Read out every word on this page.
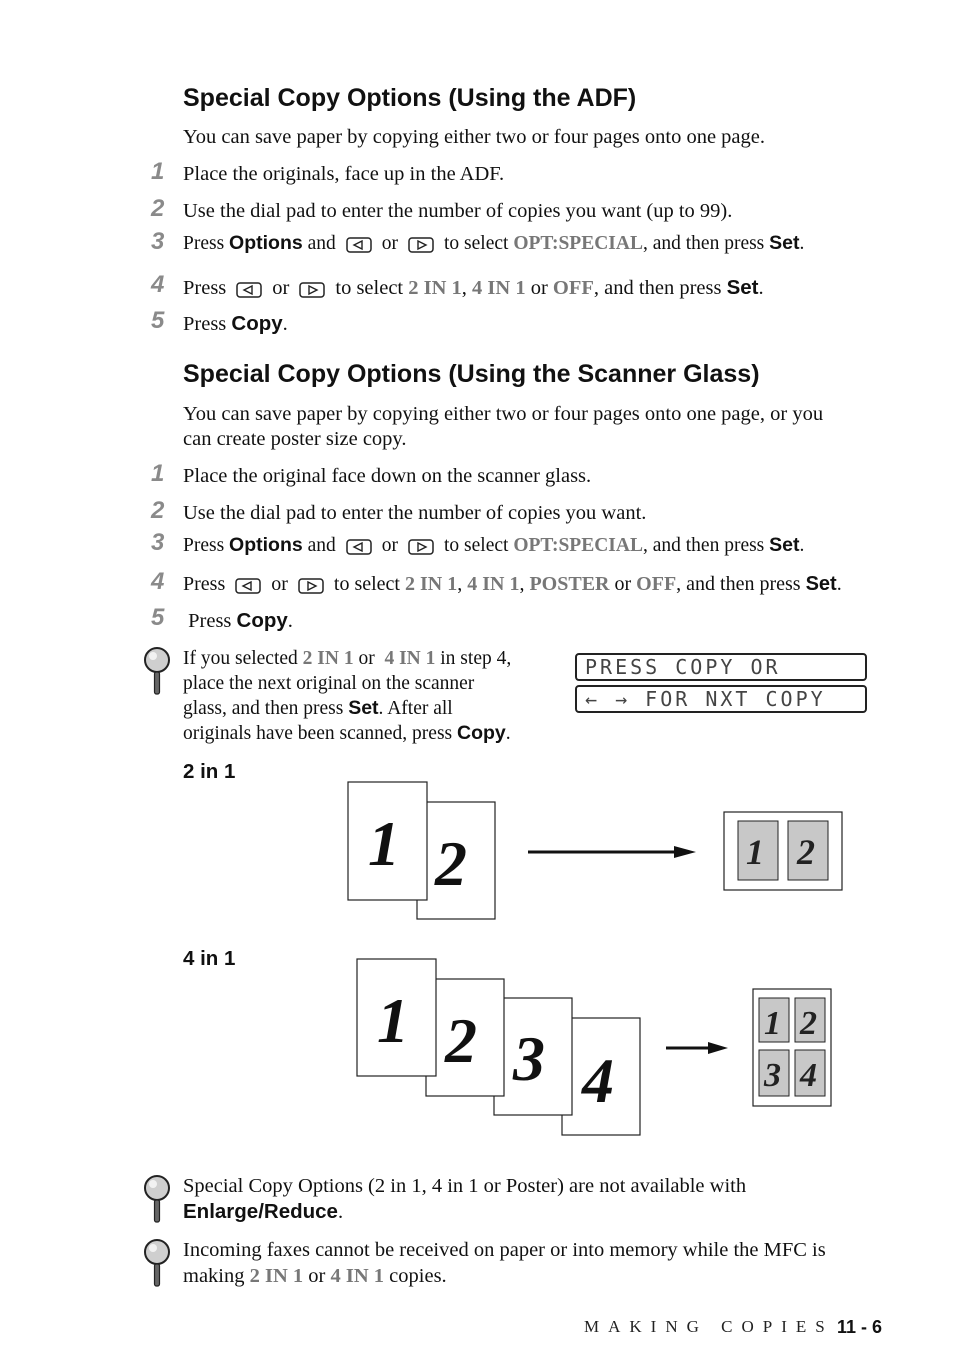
Special Copy Options (Using the ADF)
You can save paper by copying either two or four pages onto one page.
1 Place the originals, face up in the ADF.
2 Use the dial pad to enter the number of copies you want (up to 99).
3 Press Options and or to select OPT:SPECIAL, and then press Set.
4 Press or to select 2 IN 1, 4 IN 1 or OFF, and then press Set.
5 Press Copy.
Special Copy Options (Using the Scanner Glass)
You can save paper by copying either two or four pages onto one page, or you
can create poster size copy.
1 Place the original face down on the scanner glass.
2 Use the dial pad to enter the number of copies you want.
3 Press Options and or to select OPT:SPECIAL, and then press Set.
4 Press or to select 2 IN 1, 4 IN 1, POSTER or OFF, and then press Set.
5 Press Copy.
If you selected 2 IN 1 or  4 IN 1 in step 4,
place the next original on the scanner
glass, and then press Set. After all
originals have been scanned, press Copy.
PRESS COPY OR
← → FOR NXT COPY
2 in 1
2
1	1 2
4 in 1
4
3
2
1	1 2
3 4
Special Copy Options (2 in 1, 4 in 1 or Poster) are not available with
Enlarge/Reduce.
Incoming faxes cannot be received on paper or into memory while the MFC is
making 2 IN 1 or 4 IN 1 copies.
MAKING COPIES 11 - 6
